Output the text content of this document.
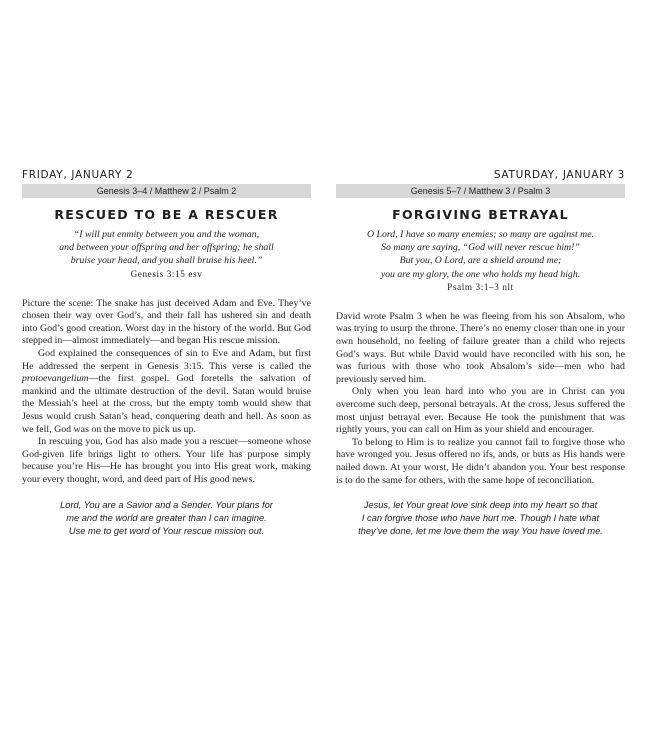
FRIDAY, JANUARY 2
Genesis 3–4 / Matthew 2 / Psalm 2
RESCUED TO BE A RESCUER
“I will put enmity between you and the woman,
and between your offspring and her offspring; he shall
bruise your head, and you shall bruise his heel.”
Genesis 3:15 esv

Picture the scene: The snake has just deceived Adam and Eve. They’ve chosen their way over God’s, and their fall has ushered sin and death into God’s good creation. Worst day in the history of the world. But God stepped in—almost immediately—and began His rescue mission.

God explained the consequences of sin to Eve and Adam, but first He addressed the serpent in Genesis 3:15. This verse is called the protoevangelium—the first gospel. God foretells the salvation of mankind and the ultimate destruction of the devil. Satan would bruise the Messiah’s heel at the cross, but the empty tomb would show that Jesus would crush Satan’s head, conquering death and hell. As soon as we fell, God was on the move to pick us up.

In rescuing you, God has also made you a rescuer—someone whose God-given life brings light to others. Your life has purpose simply because you’re His—He has brought you into His great work, making your every thought, word, and deed part of His good news.

Lord, You are a Savior and a Sender. Your plans for
me and the world are greater than I can imagine.
Use me to get word of Your rescue mission out.
SATURDAY, JANUARY 3
Genesis 5–7 / Matthew 3 / Psalm 3
FORGIVING BETRAYAL
O Lord, I have so many enemies; so many are against me.
So many are saying, “God will never rescue him!”
But you, O Lord, are a shield around me;
you are my glory, the one who holds my head high.
Psalm 3:1–3 nlt

David wrote Psalm 3 when he was fleeing from his son Absalom, who was trying to usurp the throne. There’s no enemy closer than one in your own household, no feeling of failure greater than a child who rejects God’s ways. But while David would have reconciled with his son, he was furious with those who took Absalom’s side—men who had previously served him.

Only when you lean hard into who you are in Christ can you overcome such deep, personal betrayals. At the cross, Jesus suffered the most unjust betrayal ever. Because He took the punishment that was rightly yours, you can call on Him as your shield and encourager.

To belong to Him is to realize you cannot fail to forgive those who have wronged you. Jesus offered no ifs, ands, or buts as His hands were nailed down. At your worst, He didn’t abandon you. Your best response is to do the same for others, with the same hope of reconciliation.

Jesus, let Your great love sink deep into my heart so that
I can forgive those who have hurt me. Though I hate what
they’ve done, let me love them the way You have loved me.
